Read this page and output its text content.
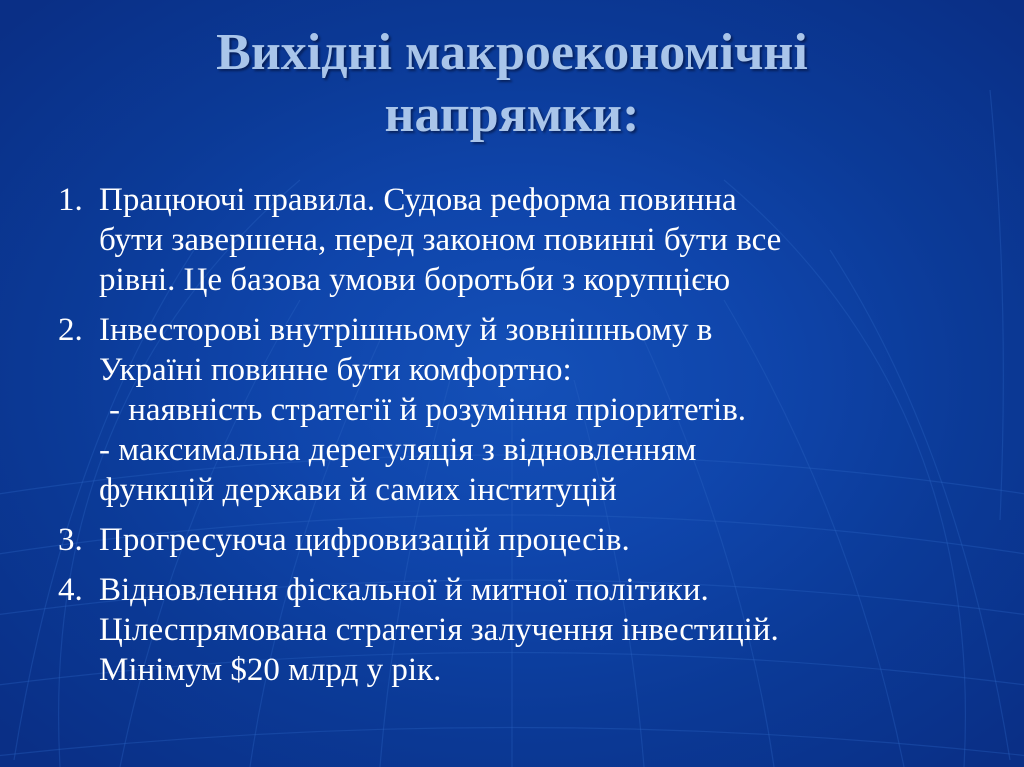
Вихідні макроекономічні
напрямки:
1. Працюючі правила. Судова реформа повинна
бути завершена, перед законом повинні бути все
рівні. Це базова умови боротьби з корупцією
2. Інвесторові внутрішньому й зовнішньому в
Україні повинне бути комфортно:
- наявність стратегії й розуміння пріоритетів.
- максимальна дерегуляція з відновленням
функцій держави й самих інституцій
3. Прогресуюча цифровизацій процесів.
4. Відновлення фіскальної й митної політики.
Цілеспрямована стратегія залучення інвестицій.
Мінімум $20 млрд у рік.
